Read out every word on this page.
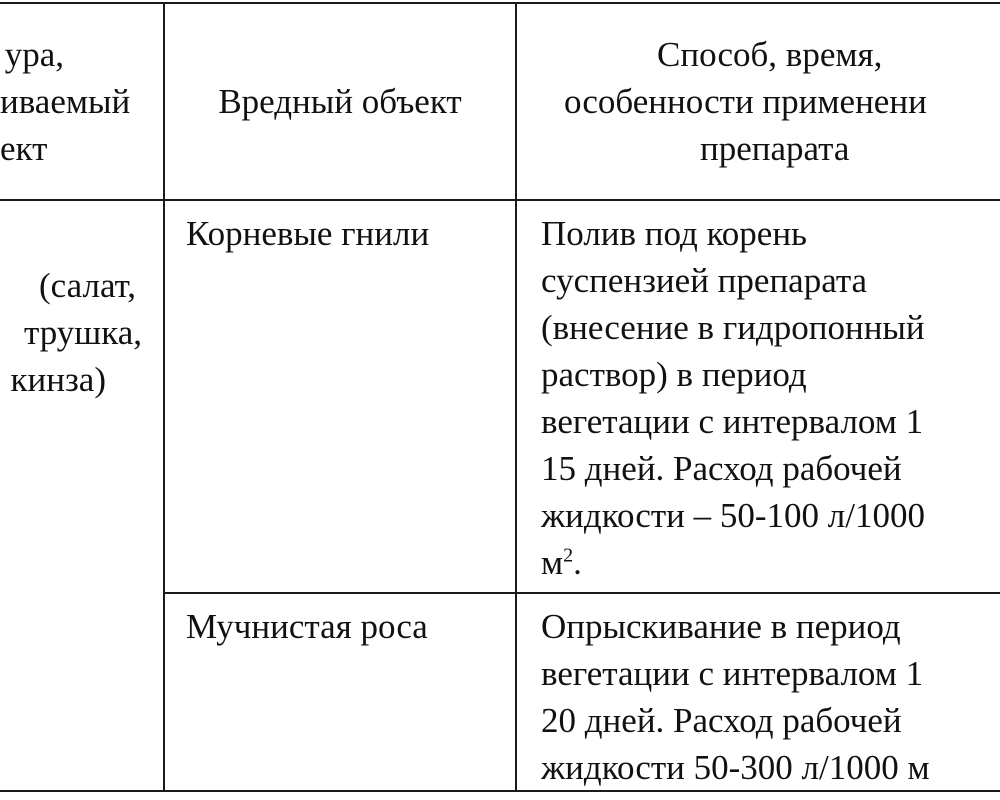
ура,
иваемый
ект
Вредный объект
Способ, время,
особенности применени
препарата
(салат,
трушка,
кинза)
Корневые гнили	Полив под корень
суспензией препарата
(внесение в гидропонный
раствор) в период
вегетации с интервалом 1
15 дней. Расход рабочей
жидкости – 50-100 л/1000
$м^2$.
Мучнистая роса	Опрыскивание в период
вегетации с интервалом 1
20 дней. Расход рабочей
жидкости 50-300 л/1000 м
